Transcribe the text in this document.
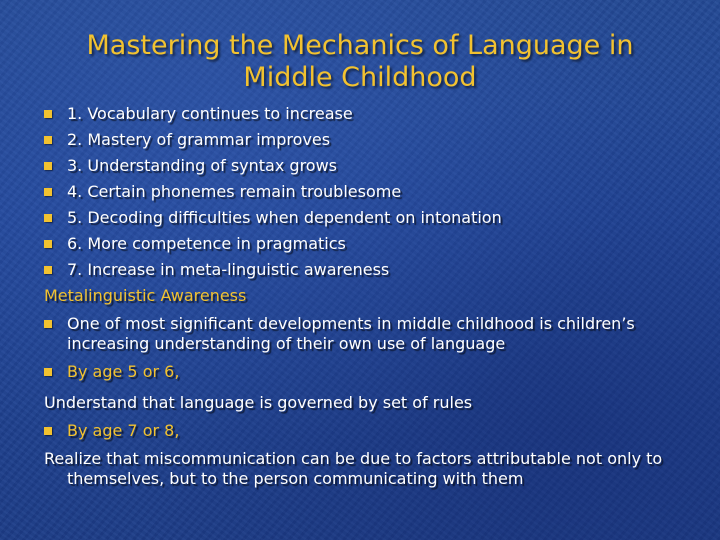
Mastering the Mechanics of Language in Middle Childhood
1. Vocabulary continues to increase
2. Mastery of grammar improves
3. Understanding of syntax grows
4. Certain phonemes remain troublesome
5. Decoding difficulties when dependent on intonation
6. More competence in pragmatics
7. Increase in meta-linguistic awareness
Metalinguistic Awareness
One of most significant developments in middle childhood is children’s increasing understanding of their own use of language
By age 5 or 6,
Understand that language is governed by set of rules
By age 7 or 8,
Realize that miscommunication can be due to factors attributable not only to themselves, but to the person communicating with them
